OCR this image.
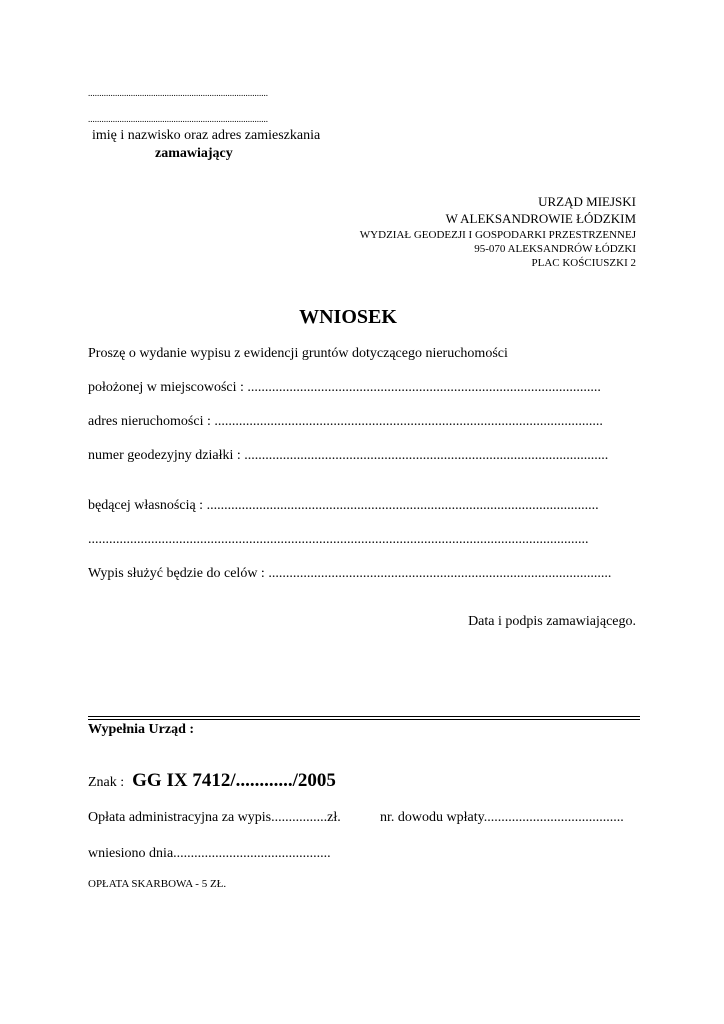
................................................................................
................................................................................
imię i nazwisko oraz adres zamieszkania
zamawiający
URZĄD MIEJSKI
W ALEKSANDROWIE ŁÓDZKIM
WYDZIAŁ GEODEZJI I GOSPODARKI PRZESTRZENNEJ
95-070 ALEKSANDRÓW ŁÓDZKI
PLAC KOŚCIUSZKI 2
WNIOSEK
Proszę o wydanie wypisu z ewidencji gruntów dotyczącego nieruchomości
położonej w miejscowości : .....................................................................................................
adres nieruchomości : ...............................................................................................................
numer geodezyjny działki : ........................................................................................................
będącej własnością : ................................................................................................................
...............................................................................................................................................
Wypis służyć będzie do celów : ..................................................................................................
Data i podpis zamawiającego.
Wypełnia Urząd :
Znak : GG IX 7412/............/2005
Opłata administracyjna za wypis................zł.	nr. dowodu wpłaty........................................
wniesiono dnia.............................................
OPŁATA SKARBOWA - 5 ZŁ.
